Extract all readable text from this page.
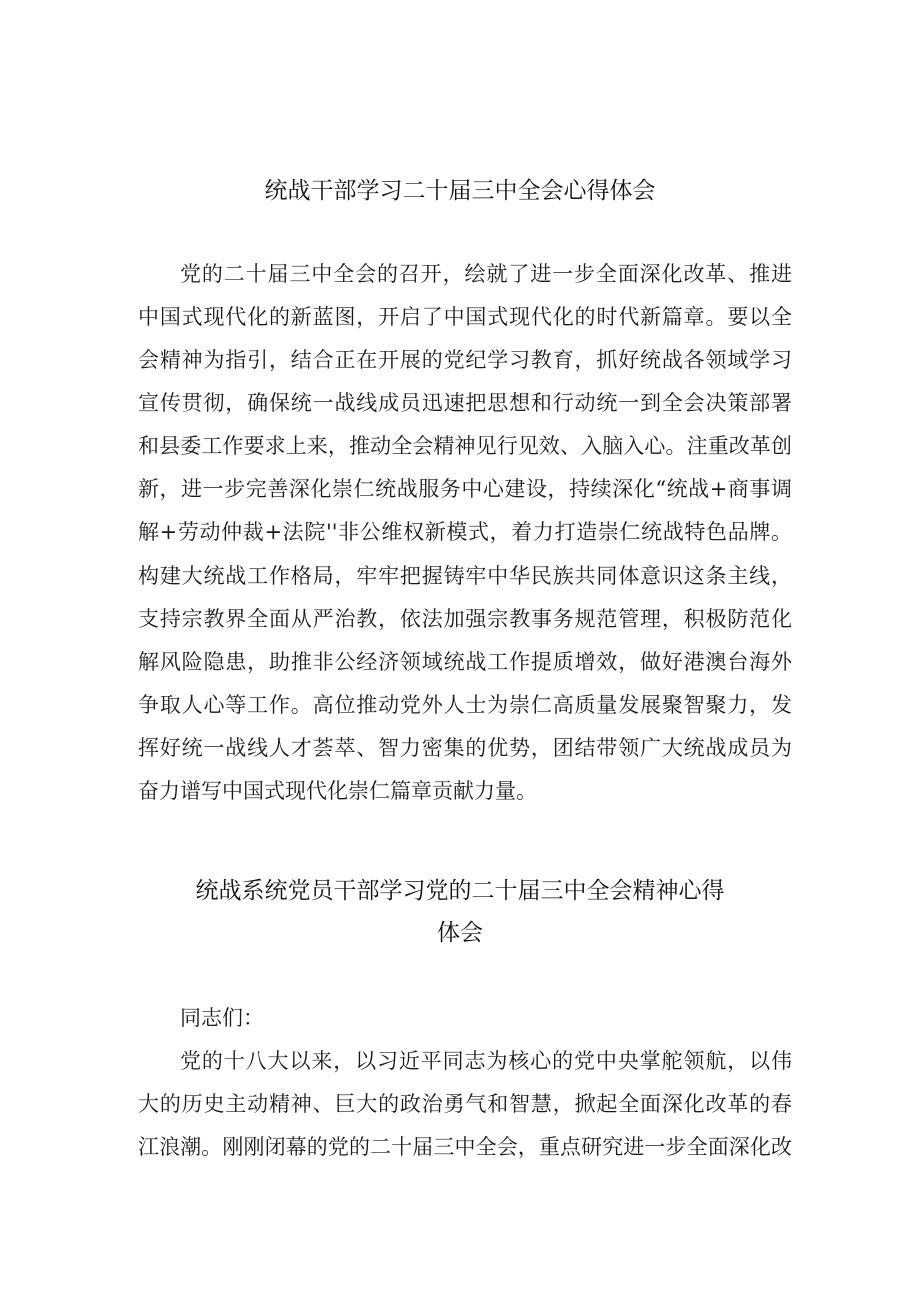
统战干部学习二十届三中全会心得体会

党的二十届三中全会的召开，绘就了进一步全面深化改革、推进

中国式现代化的新蓝图，开启了中国式现代化的时代新篇章。要以全

会精神为指引，结合正在开展的党纪学习教育，抓好统战各领域学习

宣传贯彻，确保统一战线成员迅速把思想和行动统一到全会决策部署

和县委工作要求上来，推动全会精神见行见效、入脑入心。注重改革创

新，进一步完善深化崇仁统战服务中心建设，持续深化“统战+商事调

解+劳动仲裁+法院''非公维权新模式，着力打造崇仁统战特色品牌。

构建大统战工作格局，牢牢把握铸牢中华民族共同体意识这条主线，

支持宗教界全面从严治教，依法加强宗教事务规范管理，积极防范化

解风险隐患，助推非公经济领域统战工作提质增效，做好港澳台海外

争取人心等工作。高位推动党外人士为崇仁高质量发展聚智聚力，发

挥好统一战线人才荟萃、智力密集的优势，团结带领广大统战成员为

奋力谱写中国式现代化崇仁篇章贡献力量。

统战系统党员干部学习党的二十届三中全会精神心得
体会

同志们：

党的十八大以来，以习近平同志为核心的党中央掌舵领航，以伟

大的历史主动精神、巨大的政治勇气和智慧，掀起全面深化改革的春

江浪潮。刚刚闭幕的党的二十届三中全会，重点研究进一步全面深化改
